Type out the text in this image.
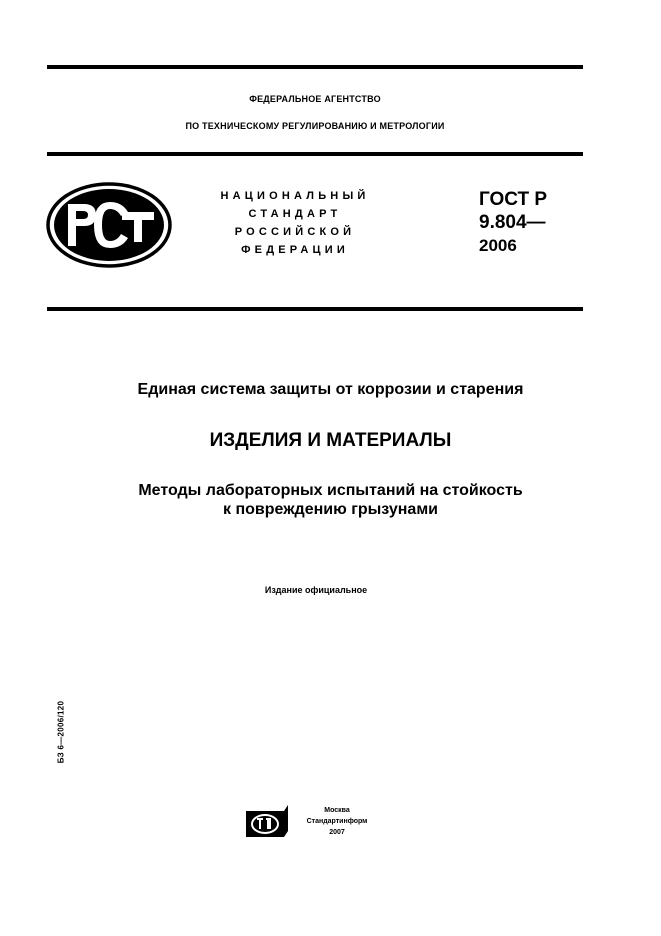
ФЕДЕРАЛЬНОЕ АГЕНТСТВО
ПО ТЕХНИЧЕСКОМУ РЕГУЛИРОВАНИЮ И МЕТРОЛОГИИ
НАЦИОНАЛЬНЫЙ
СТАНДАРТ
РОССИЙСКОЙ
ФЕДЕРАЦИИ
ГОСТ Р
9.804—
2006
Единая система защиты от коррозии и старения
ИЗДЕЛИЯ И МАТЕРИАЛЫ
Методы лабораторных испытаний на стойкость
к повреждению грызунами
Издание официальное
БЗ 6—2006/120
Москва
Стандартинформ
2007
